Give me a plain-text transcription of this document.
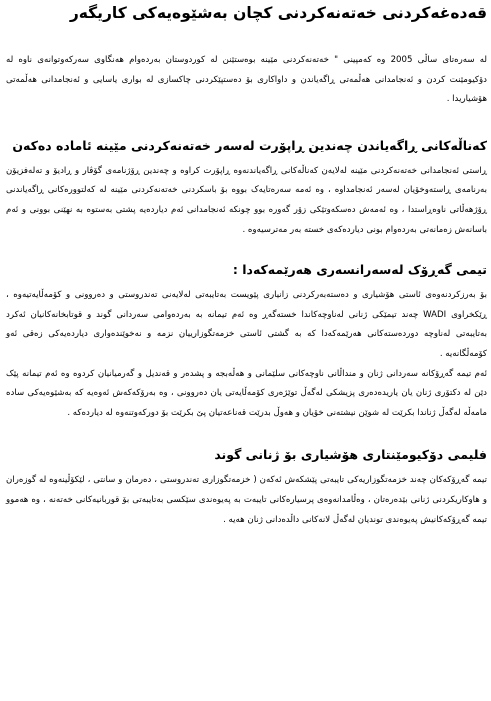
قەدەغەکردنی خەتەنەکردنی کچان بەشێوەیەکی کاریگەر

لە سەرەتای ساڵی 2005 وە کەمپینی " خەتەنەکردنی مێینە بوەستێنن لە کوردوستان بەردەوام هەنگاوی سەرکەوتوانەی ناوە لە دۆکیومێنت کردن و ئەنجامدانی هەڵمەتی ڕاگەیاندن و داواکاری بۆ دەستپێکردنی چاکسازی لە بواری یاسایی و ئەنجامدانی هەڵمەتی هۆشیاریدا .

کەناڵەکانی ڕاگەیاندن چەندین ڕاپۆرت لەسەر خەتەنەکردنی مێینە ئامادە دەکەن

ڕاستی ئەنجامدانی خەتەنەکردنی مێینە لەلایەن کەناڵەکانی ڕاگەیاندنەوە ڕاپۆرت کراوە و چەندین ڕۆژنامەی گۆڤار و ڕادیۆ و تەلەفزیۆن بەرنامەی ڕاستەوخۆیان لەسەر ئەنجامداوە ، وە ئەمە سەرەتایەک بووە بۆ باسکردنی خەتەنەکردنی مێینە لە کەلتوورەکانی ڕاگەیاندنی ڕۆژهەڵاتی ناوەڕاستدا ، وە ئەمەش دەسکەوتێکی زۆر گەورە بوو چونکە ئەنجامدانی ئەم دیاردەیە پشتی بەستوە بە نهێنی بوونی و ئەم باسانەش زەمانەتی بەردەوام بونی دیاردەکەی خستە بەر مەترسیەوە .

تیمی گەڕۆک لەسەرانسەری هەرێمەکەدا :

بۆ بەرزکردنەوەی ئاستی هۆشیاری و دەستەبەرکردنی زانیاری پێویست بەتایبەتی لەلایەنی تەندروستی و دەروونی و کۆمەڵایەتیەوە ، ڕێکخراوی WADI چەند تیمێکی ژنانی لەناوچەکاندا خستەگەڕ وە ئەم تیمانە بە بەردەوامی سەردانی گوند و قوتابخانەکانیان ئەکرد بەتایبەتی لەناوچە دوردەستەکانی هەرێمەکەدا کە بە گشتی ئاستی خزمەتگوزارییان نزمە و نەخوێندەواری دیاردەیەکی زەقی ئەو کۆمەڵگانەیە .

ئەم تیمە گەڕۆکانە سەردانی ژنان و منداڵانی ناوچەکانی سلێمانی و هەڵەبجە و پشدەر و قەندیل و گەرمیانیان کردوە وە ئەم تیمانە پێک دێن لە دکتۆری ژنان یان یاریدەدەری پزیشکی لەگەڵ توێژەری کۆمەڵایەتی یان دەروونی ، وە بەرۆکەکەش ئەوەیە کە بەشێوەیەکی سادە مامەڵە لەگەڵ ژناندا بکرێت لە شوێن نیشتەنی خۆیان و هەوڵ بدرێت قەناعەتیان پێ بکرێت بۆ دورکەوتنەوە لە دیاردەکە .

فلیمی دۆکیومێنتاری هۆشیاری بۆ ژنانی گوند

تیمە گەڕۆکەکان چەند خزمەتگوزاریەکی تایبەتی پێشکەش ئەکەن ( خزمەتگوزاری تەندروستی ، دەرمان و سانتی ، لێکۆڵینەوە لە گوزەران و هاوکاریکردنی ژنانی بێدەرەتان ، وەڵامدانەوەی پرسیارەکانی تایبەت بە پەیوەندی سێکسی بەتایبەتی بۆ قوربانیەکانی خەتەنە ، وە هەموو تیمە گەڕۆکەکانیش پەیوەندی توندیان لەگەڵ لانەکانی داڵدەدانی ژنان هەیە .
